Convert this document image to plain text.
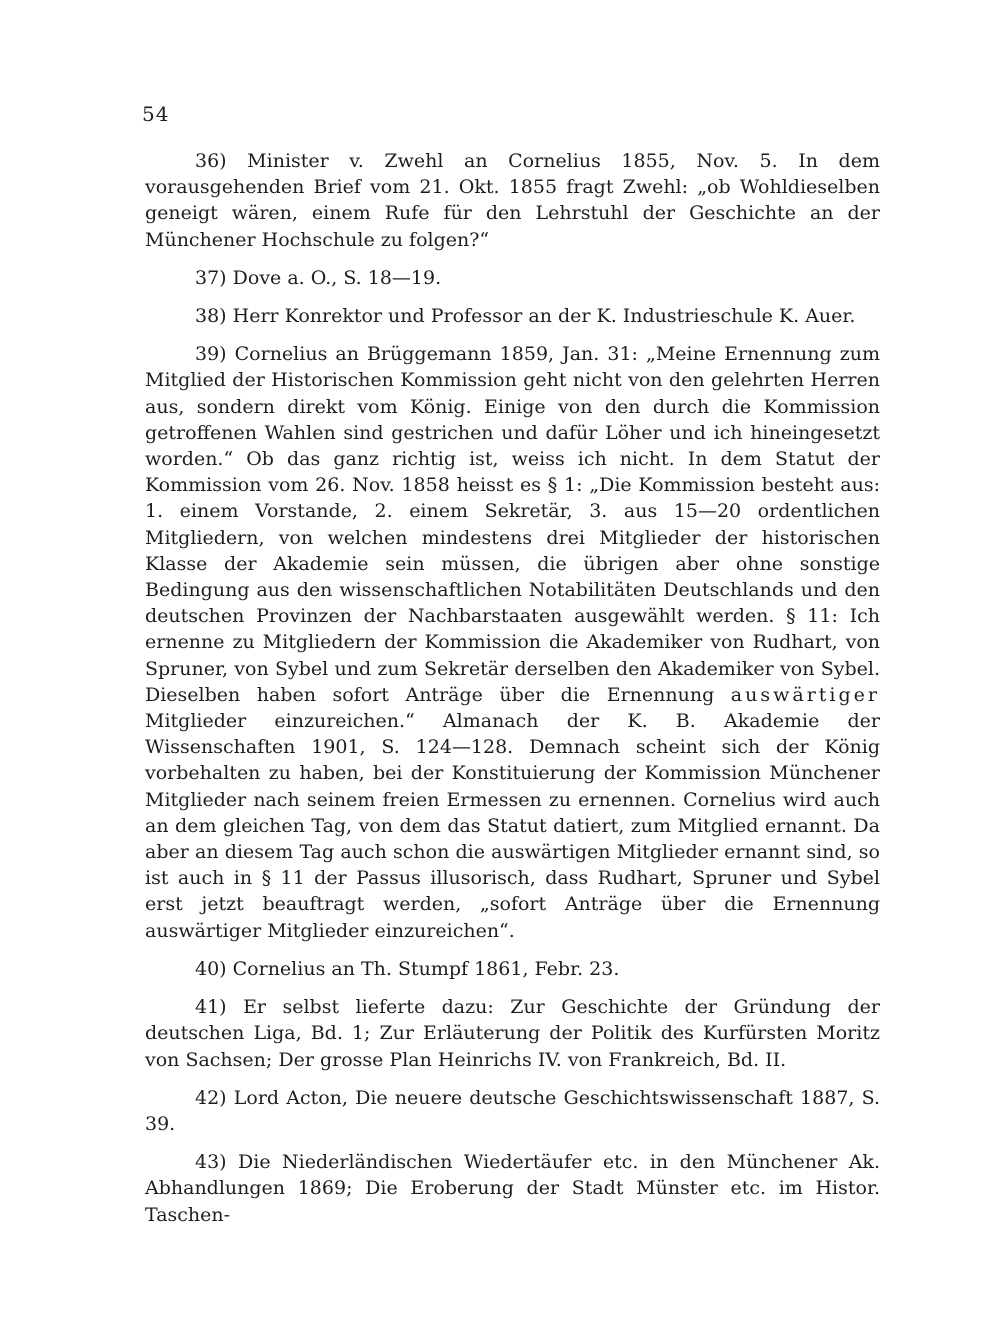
54

36) Minister v. Zwehl an Cornelius 1855, Nov. 5. In dem vorausgehenden Brief vom 21. Okt. 1855 fragt Zwehl: „ob Wohldieselben geneigt wären, einem Rufe für den Lehrstuhl der Geschichte an der Münchener Hochschule zu folgen?“

37) Dove a. O., S. 18—19.

38) Herr Konrektor und Professor an der K. Industrieschule K. Auer.

39) Cornelius an Brüggemann 1859, Jan. 31: „Meine Ernennung zum Mitglied der Historischen Kommission geht nicht von den gelehrten Herren aus, sondern direkt vom König. Einige von den durch die Kommission getroffenen Wahlen sind gestrichen und dafür Löher und ich hineingesetzt worden.“ Ob das ganz richtig ist, weiss ich nicht. In dem Statut der Kommission vom 26. Nov. 1858 heisst es § 1: „Die Kommission besteht aus: 1. einem Vorstande, 2. einem Sekretär, 3. aus 15—20 ordentlichen Mitgliedern, von welchen mindestens drei Mitglieder der historischen Klasse der Akademie sein müssen, die übrigen aber ohne sonstige Bedingung aus den wissenschaftlichen Notabilitäten Deutschlands und den deutschen Provinzen der Nachbarstaaten ausgewählt werden. § 11: Ich ernenne zu Mitgliedern der Kommission die Akademiker von Rudhart, von Spruner, von Sybel und zum Sekretär derselben den Akademiker von Sybel. Dieselben haben sofort Anträge über die Ernennung auswärtiger Mitglieder einzureichen.“ Almanach der K. B. Akademie der Wissenschaften 1901, S. 124—128. Demnach scheint sich der König vorbehalten zu haben, bei der Konstituierung der Kommission Münchener Mitglieder nach seinem freien Ermessen zu ernennen. Cornelius wird auch an dem gleichen Tag, von dem das Statut datiert, zum Mitglied ernannt. Da aber an diesem Tag auch schon die auswärtigen Mitglieder ernannt sind, so ist auch in § 11 der Passus illusorisch, dass Rudhart, Spruner und Sybel erst jetzt beauftragt werden, „sofort Anträge über die Ernennung auswärtiger Mitglieder einzureichen“.

40) Cornelius an Th. Stumpf 1861, Febr. 23.

41) Er selbst lieferte dazu: Zur Geschichte der Gründung der deutschen Liga, Bd. 1; Zur Erläuterung der Politik des Kurfürsten Moritz von Sachsen; Der grosse Plan Heinrichs IV. von Frankreich, Bd. II.

42) Lord Acton, Die neuere deutsche Geschichtswissenschaft 1887, S. 39.

43) Die Niederländischen Wiedertäufer etc. in den Münchener Ak. Abhandlungen 1869; Die Eroberung der Stadt Münster etc. im Histor. Taschen-
